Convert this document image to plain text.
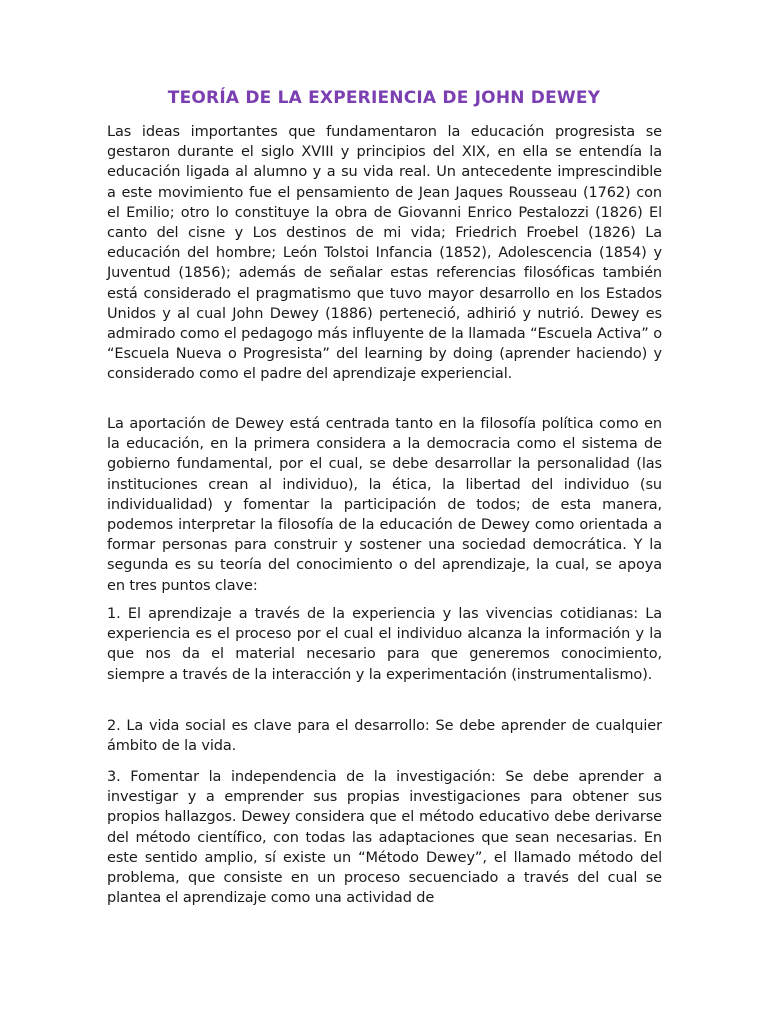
TEORÍA DE LA EXPERIENCIA DE JOHN DEWEY

Las ideas importantes que fundamentaron la educación progresista se gestaron durante el siglo XVIII y principios del XIX, en ella se entendía la educación ligada al alumno y a su vida real. Un antecedente imprescindible a este movimiento fue el pensamiento de Jean Jaques Rousseau (1762) con el Emilio; otro lo constituye la obra de Giovanni Enrico Pestalozzi (1826) El canto del cisne y Los destinos de mi vida; Friedrich Froebel (1826) La educación del hombre; León Tolstoi Infancia (1852), Adolescencia (1854) y Juventud (1856); además de señalar estas referencias filosóficas también está considerado el pragmatismo que tuvo mayor desarrollo en los Estados Unidos y al cual John Dewey (1886) perteneció, adhirió y nutrió. Dewey es admirado como el pedagogo más influyente de la llamada “Escuela Activa” o “Escuela Nueva o Progresista” del learning by doing (aprender haciendo) y considerado como el padre del aprendizaje experiencial.

La aportación de Dewey está centrada tanto en la filosofía política como en la educación, en la primera considera a la democracia como el sistema de gobierno fundamental, por el cual, se debe desarrollar la personalidad (las instituciones crean al individuo), la ética, la libertad del individuo (su individualidad) y fomentar la participación de todos; de esta manera, podemos interpretar la filosofía de la educación de Dewey como orientada a formar personas para construir y sostener una sociedad democrática. Y la segunda es su teoría del conocimiento o del aprendizaje, la cual, se apoya en tres puntos clave:

1. El aprendizaje a través de la experiencia y las vivencias cotidianas: La experiencia es el proceso por el cual el individuo alcanza la información y la que nos da el material necesario para que generemos conocimiento, siempre a través de la interacción y la experimentación (instrumentalismo).

2. La vida social es clave para el desarrollo: Se debe aprender de cualquier ámbito de la vida.

3. Fomentar la independencia de la investigación: Se debe aprender a investigar y a emprender sus propias investigaciones para obtener sus propios hallazgos. Dewey considera que el método educativo debe derivarse del método científico, con todas las adaptaciones que sean necesarias. En este sentido amplio, sí existe un “Método Dewey”, el llamado método del problema, que consiste en un proceso secuenciado a través del cual se plantea el aprendizaje como una actividad de
